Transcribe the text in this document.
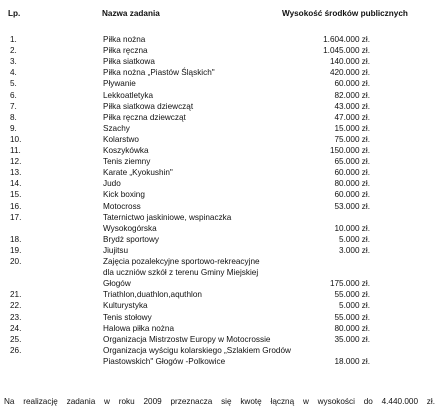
Lp.	Nazwa zadania	Wysokość środków publicznych
1.	Piłka nożna	1.604.000 zł.
2.	Piłka ręczna	1.045.000 zł.
3.	Piłka siatkowa	140.000 zł.
4.	Piłka nożna „Piastów Śląskich"	420.000 zł.
5.	Pływanie	60.000 zł.
6.	Lekkoatletyka	82.000 zł.
7.	Piłka siatkowa dziewcząt	43.000 zł.
8.	Piłka ręczna dziewcząt	47.000 zł.
9.	Szachy	15.000 zł.
10.	Kolarstwo	75.000 zł.
11.	Koszykówka	150.000 zł.
12.	Tenis ziemny	65.000 zł.
13.	Karate „Kyokushin"	60.000 zł.
14.	Judo	80.000 zł.
15.	Kick boxing	60.000 zł.
16.	Motocross	53.000 zł.
17.	Taternictwo jaskiniowe, wspinaczka
Wysokogórska	10.000 zł.
18.	Brydż sportowy	5.000 zł.
19.	Jiujitsu	3.000 zł.
20.	Zajęcia pozalekcyjne sportowo-rekreacyjne
dla uczniów szkół z terenu Gminy Miejskiej
Głogów	175.000 zł.
21.	Triathlon,duathlon,aquthlon	55.000 zł.
22.	Kulturystyka	5.000 zł.
23.	Tenis stołowy	55.000 zł.
24.	Halowa piłka nożna	80.000 zł.
25.	Organizacja Mistrzostw Europy w Motocrossie	35.000 zł.
26.	Organizacja wyścigu kolarskiego „Szlakiem Grodów
Piastowskich" Głogów -Polkowice	18.000 zł.
Na realizację zadania w roku 2009 przeznacza się kwotę łączną w wysokości do 4.440.000 zł.
